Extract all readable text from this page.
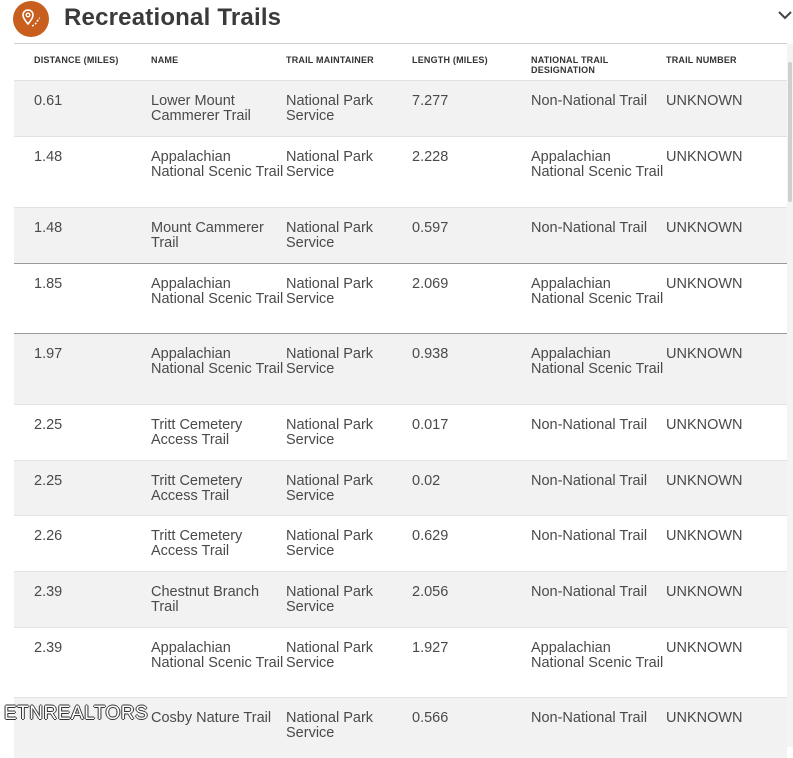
Recreational Trails
DISTANCE (MILES)	NAME	TRAIL MAINTAINER	LENGTH (MILES)	NATIONAL TRAIL DESIGNATION	TRAIL NUMBER
0.61	Lower Mount Cammerer Trail	National Park Service	7.277	Non-National Trail	UNKNOWN
1.48	Appalachian National Scenic Trail	National Park Service	2.228	Appalachian National Scenic Trail	UNKNOWN
1.48	Mount Cammerer Trail	National Park Service	0.597	Non-National Trail	UNKNOWN
1.85	Appalachian National Scenic Trail	National Park Service	2.069	Appalachian National Scenic Trail	UNKNOWN
1.97	Appalachian National Scenic Trail	National Park Service	0.938	Appalachian National Scenic Trail	UNKNOWN
2.25	Tritt Cemetery Access Trail	National Park Service	0.017	Non-National Trail	UNKNOWN
2.25	Tritt Cemetery Access Trail	National Park Service	0.02	Non-National Trail	UNKNOWN
2.26	Tritt Cemetery Access Trail	National Park Service	0.629	Non-National Trail	UNKNOWN
2.39	Chestnut Branch Trail	National Park Service	2.056	Non-National Trail	UNKNOWN
2.39	Appalachian National Scenic Trail	National Park Service	1.927	Appalachian National Scenic Trail	UNKNOWN
	Cosby Nature Trail	National Park Service	0.566	Non-National Trail	UNKNOWN
ETNREALTORS
